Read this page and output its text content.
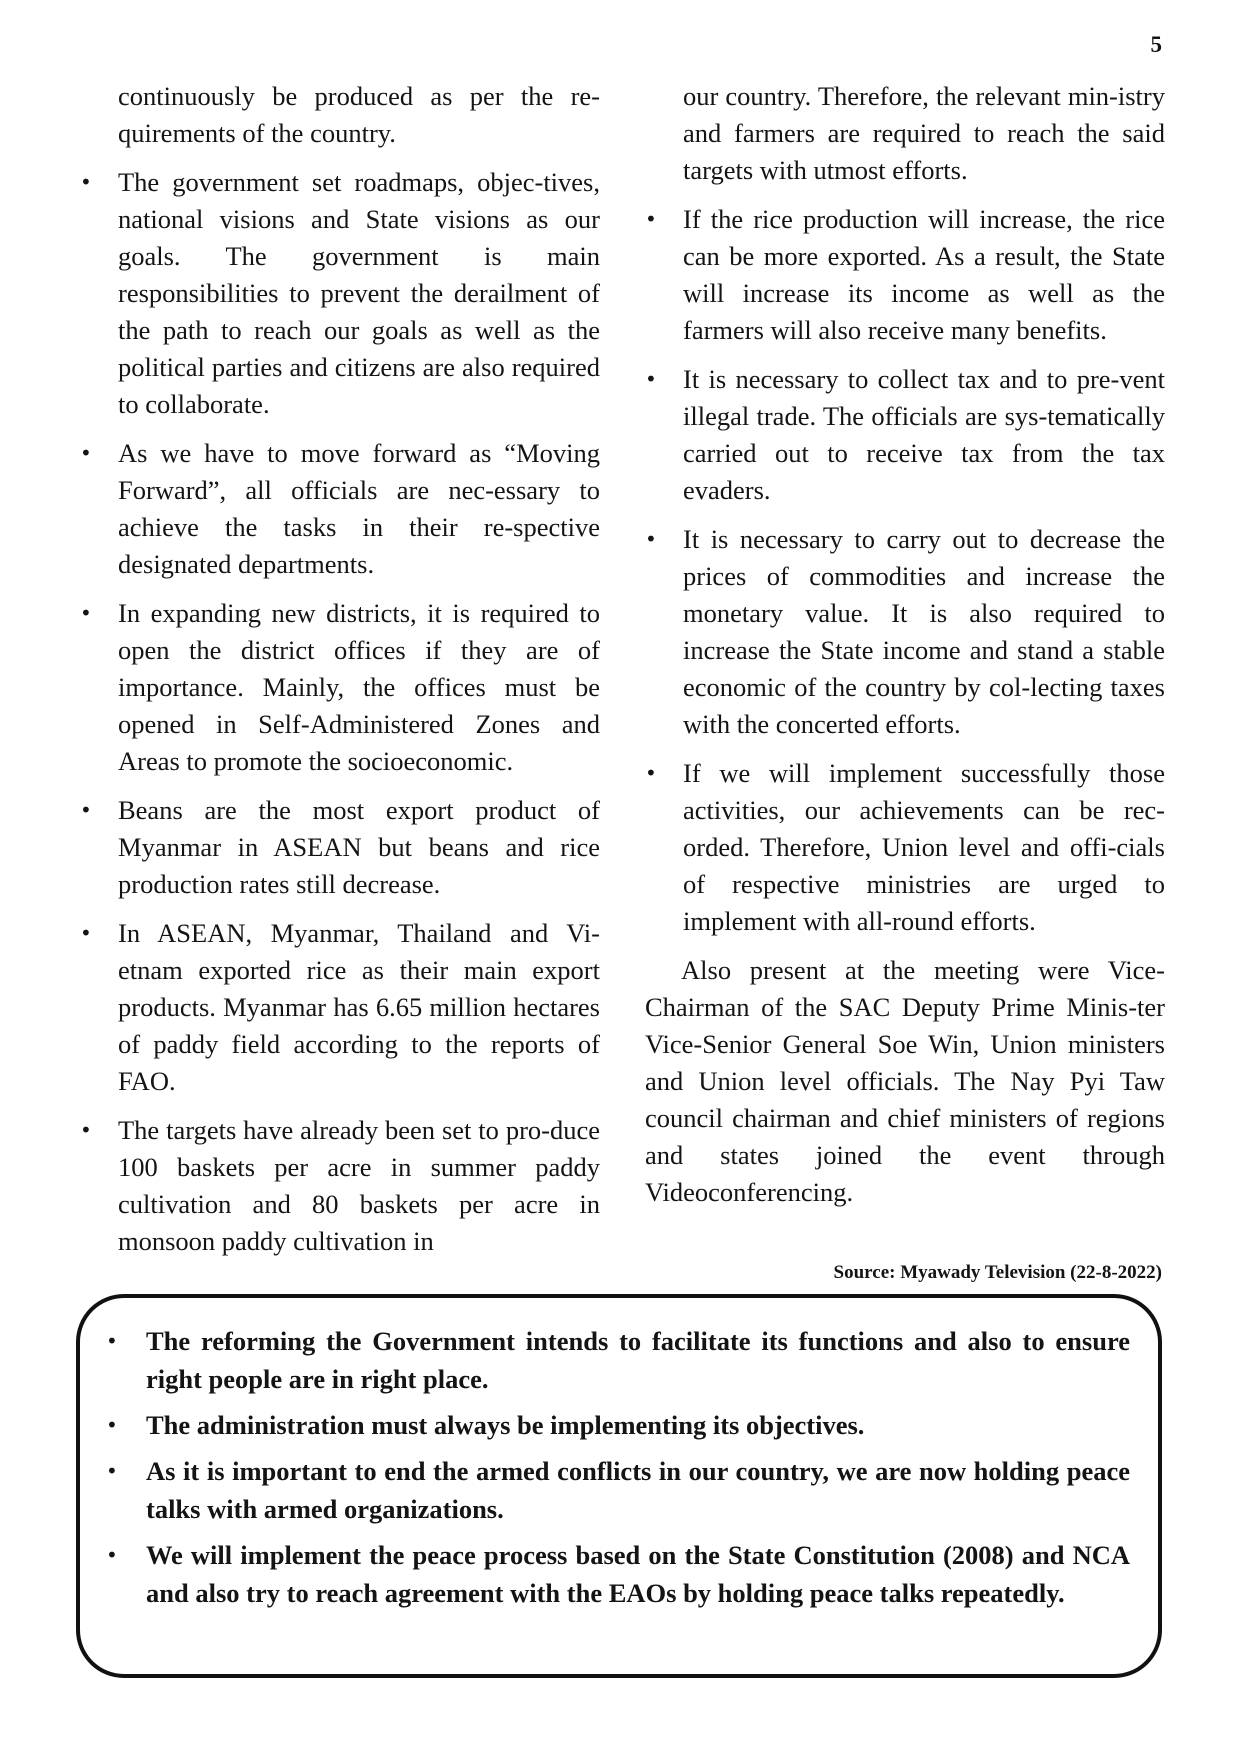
5

continuously be produced as per the re-quirements of the country.

• The government set roadmaps, objec-tives, national visions and State visions as our goals. The government is main responsibilities to prevent the derailment of the path to reach our goals as well as the political parties and citizens are also required to collaborate.
• As we have to move forward as “Moving Forward”, all officials are nec-essary to achieve the tasks in their re-spective designated departments.
• In expanding new districts, it is required to open the district offices if they are of importance. Mainly, the offices must be opened in Self-Administered Zones and Areas to promote the socioeconomic.
• Beans are the most export product of Myanmar in ASEAN but beans and rice production rates still decrease.
• In ASEAN, Myanmar, Thailand and Vi-etnam exported rice as their main export products. Myanmar has 6.65 million hectares of paddy field according to the reports of FAO.
• The targets have already been set to pro-duce 100 baskets per acre in summer paddy cultivation and 80 baskets per acre in monsoon paddy cultivation in

our country. Therefore, the relevant min-istry and farmers are required to reach the said targets with utmost efforts.

• If the rice production will increase, the rice can be more exported. As a result, the State will increase its income as well as the farmers will also receive many benefits.
• It is necessary to collect tax and to pre-vent illegal trade. The officials are sys-tematically carried out to receive tax from the tax evaders.
• It is necessary to carry out to decrease the prices of commodities and increase the monetary value. It is also required to increase the State income and stand a stable economic of the country by col-lecting taxes with the concerted efforts.
• If we will implement successfully those activities, our achievements can be rec-orded. Therefore, Union level and offi-cials of respective ministries are urged to implement with all-round efforts.

Also present at the meeting were Vice-Chairman of the SAC Deputy Prime Minis-ter Vice-Senior General Soe Win, Union ministers and Union level officials. The Nay Pyi Taw council chairman and chief ministers of regions and states joined the event through Videoconferencing.

Source: Myawady Television (22-8-2022)
• The reforming the Government intends to facilitate its functions and also to ensure right people are in right place.
• The administration must always be implementing its objectives.
• As it is important to end the armed conflicts in our country, we are now holding peace talks with armed organizations.
• We will implement the peace process based on the State Constitution (2008) and NCA and also try to reach agreement with the EAOs by holding peace talks repeatedly.
